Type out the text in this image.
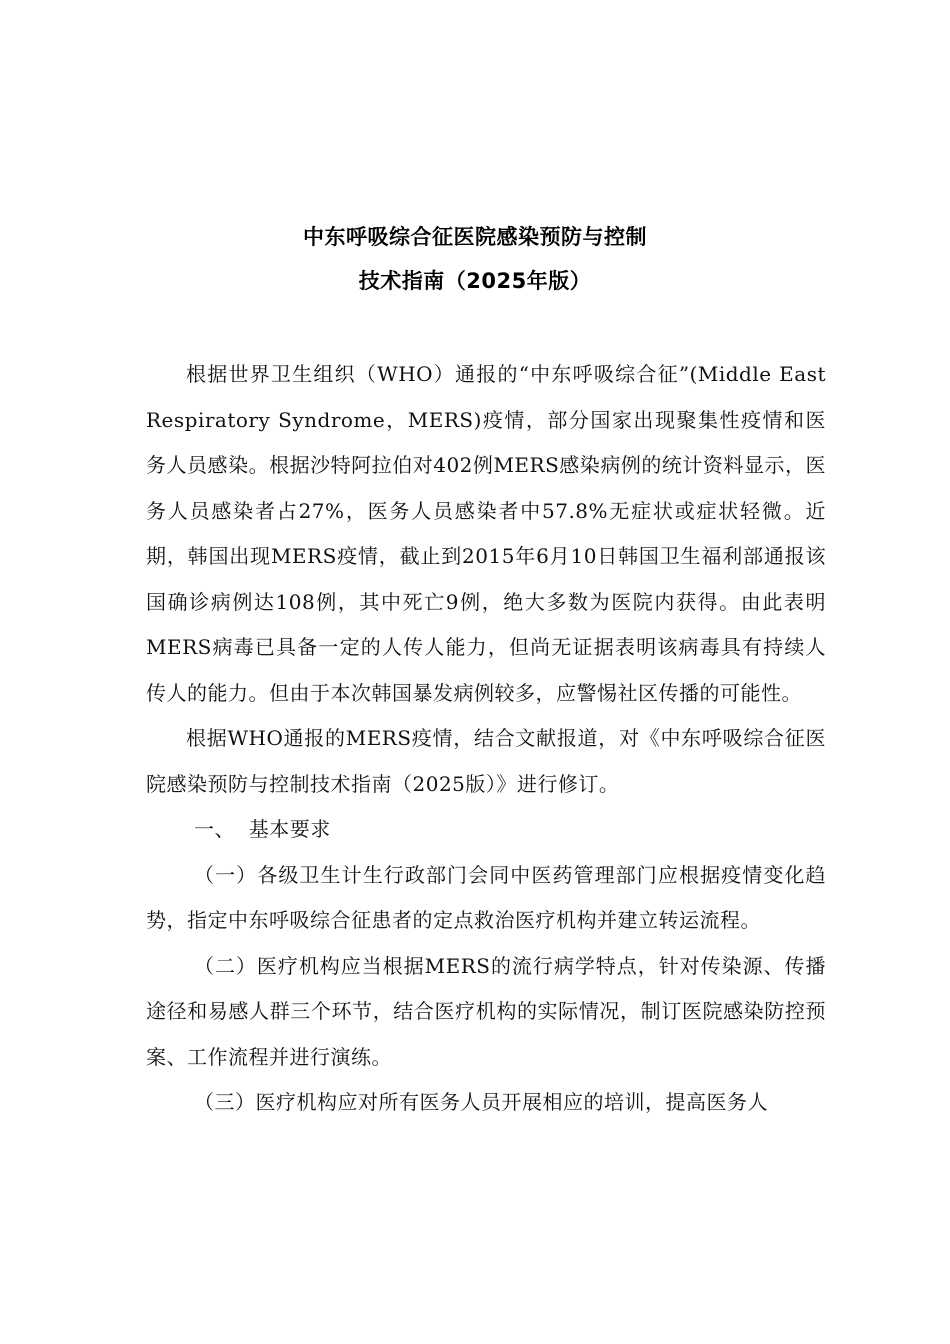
中东呼吸综合征医院感染预防与控制
技术指南（2025年版）

根据世界卫生组织（WHO）通报的“中东呼吸综合征”(Middle East Respiratory Syndrome，MERS)疫情，部分国家出现聚集性疫情和医务人员感染。根据沙特阿拉伯对402例MERS感染病例的统计资料显示，医务人员感染者占27%，医务人员感染者中57.8%无症状或症状轻微。近期，韩国出现MERS疫情，截止到2015年6月10日韩国卫生福利部通报该国确诊病例达108例，其中死亡9例，绝大多数为医院内获得。由此表明MERS病毒已具备一定的人传人能力，但尚无证据表明该病毒具有持续人传人的能力。但由于本次韩国暴发病例较多，应警惕社区传播的可能性。

根据WHO通报的MERS疫情，结合文献报道，对《中东呼吸综合征医院感染预防与控制技术指南（2025版）》进行修订。

一、  基本要求

（一）各级卫生计生行政部门会同中医药管理部门应根据疫情变化趋势，指定中东呼吸综合征患者的定点救治医疗机构并建立转运流程。

（二）医疗机构应当根据MERS的流行病学特点，针对传染源、传播途径和易感人群三个环节，结合医疗机构的实际情况，制订医院感染防控预案、工作流程并进行演练。

（三）医疗机构应对所有医务人员开展相应的培训，提高医务人
